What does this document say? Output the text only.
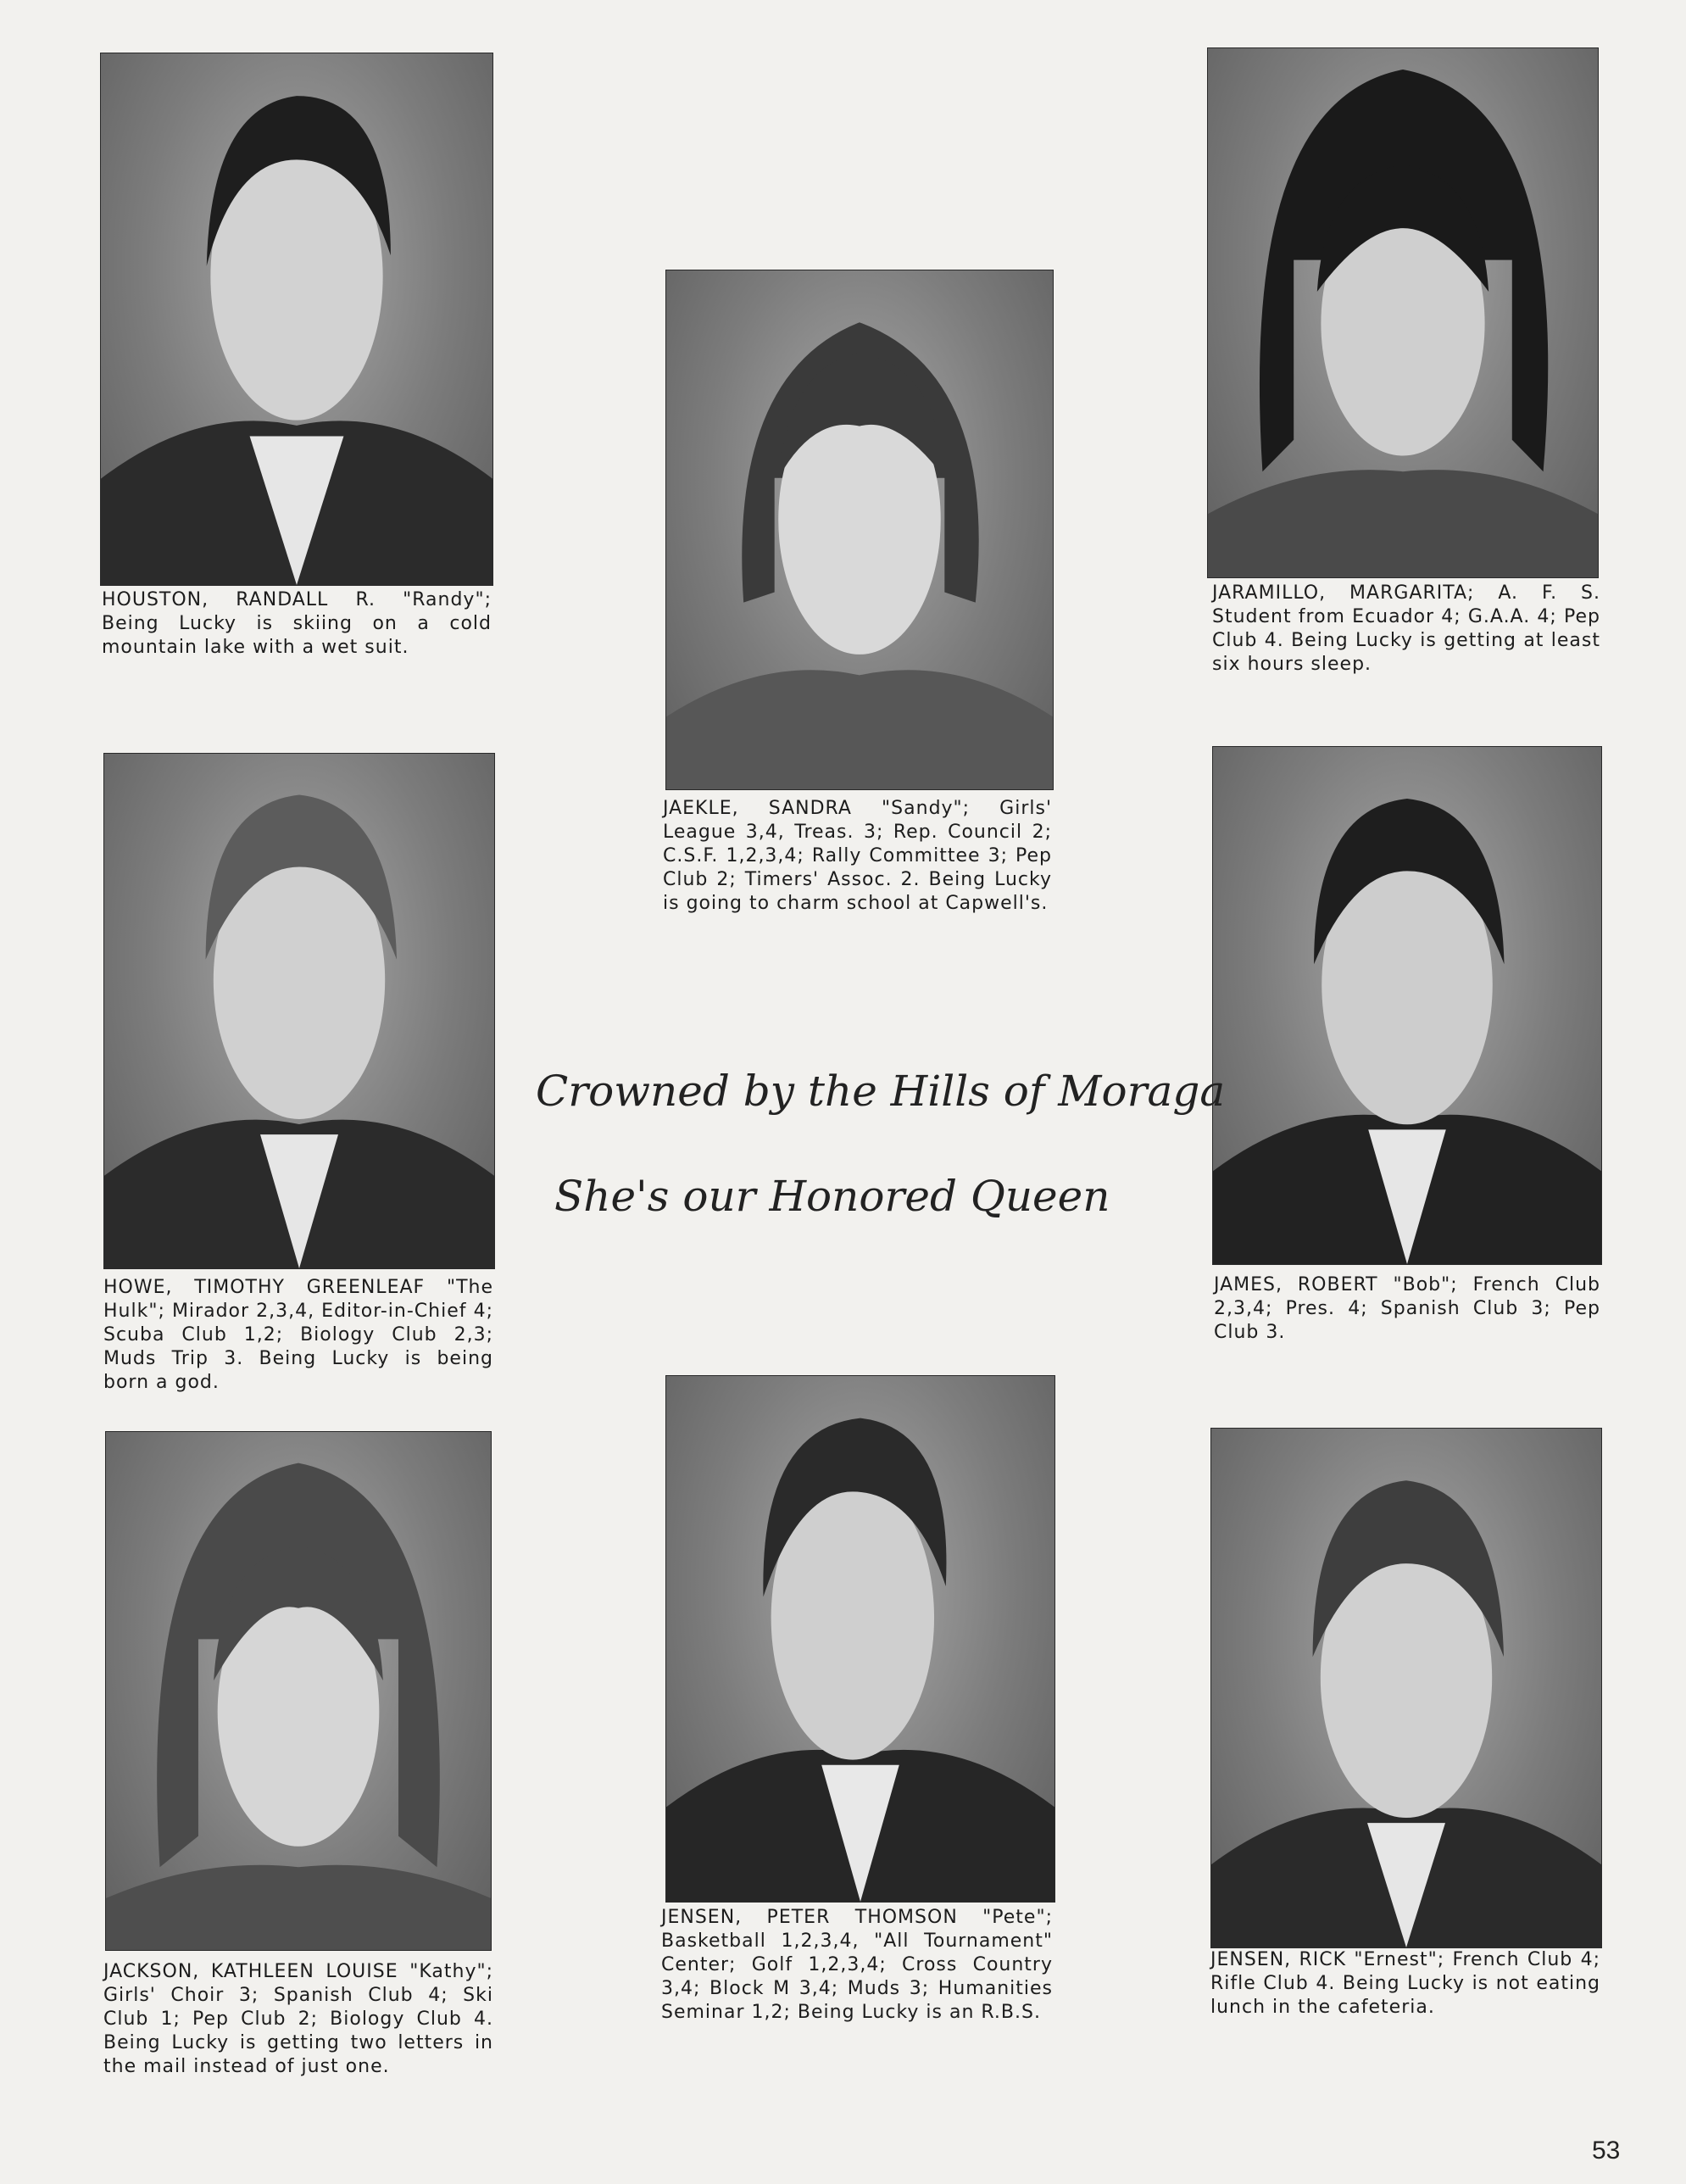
HOUSTON, RANDALL R. "Randy"; Being Lucky is skiing on a cold mountain lake with a wet suit.
JAEKLE, SANDRA "Sandy"; Girls' League 3,4, Treas. 3; Rep. Council 2; C.S.F. 1,2,3,4; Rally Committee 3; Pep Club 2; Timers' Assoc. 2. Being Lucky is going to charm school at Capwell's.
JARAMILLO, MARGARITA; A. F. S. Student from Ecuador 4; G.A.A. 4; Pep Club 4. Being Lucky is getting at least six hours sleep.
HOWE, TIMOTHY GREENLEAF "The Hulk"; Mirador 2,3,4, Editor-in-Chief 4; Scuba Club 1,2; Biology Club 2,3; Muds Trip 3. Being Lucky is being born a god.
JAMES, ROBERT "Bob"; French Club 2,3,4; Pres. 4; Spanish Club 3; Pep Club 3.
JACKSON, KATHLEEN LOUISE "Kathy"; Girls' Choir 3; Spanish Club 4; Ski Club 1; Pep Club 2; Biology Club 4. Being Lucky is getting two letters in the mail instead of just one.
JENSEN, PETER THOMSON "Pete"; Basketball 1,2,3,4, "All Tournament" Center; Golf 1,2,3,4; Cross Country 3,4; Block M 3,4; Muds 3; Humanities Seminar 1,2; Being Lucky is an R.B.S.
JENSEN, RICK "Ernest"; French Club 4; Rifle Club 4. Being Lucky is not eating lunch in the cafeteria.
Crowned by the Hills of Moraga
She's our Honored Queen
53
